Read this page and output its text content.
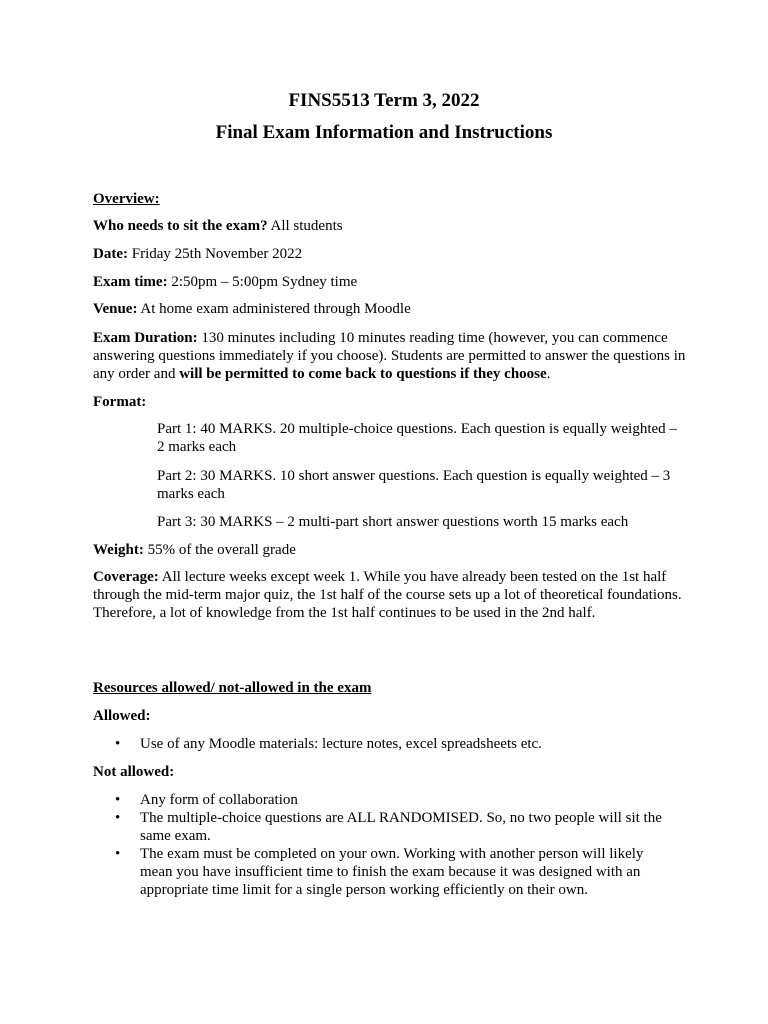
FINS5513 Term 3, 2022
Final Exam Information and Instructions
Overview:
Who needs to sit the exam? All students
Date: Friday 25th November 2022
Exam time: 2:50pm – 5:00pm Sydney time
Venue: At home exam administered through Moodle
Exam Duration: 130 minutes including 10 minutes reading time (however, you can commence answering questions immediately if you choose). Students are permitted to answer the questions in any order and will be permitted to come back to questions if they choose.
Format:
Part 1: 40 MARKS. 20 multiple-choice questions. Each question is equally weighted – 2 marks each
Part 2: 30 MARKS. 10 short answer questions. Each question is equally weighted – 3 marks each
Part 3: 30 MARKS – 2 multi-part short answer questions worth 15 marks each
Weight: 55% of the overall grade
Coverage: All lecture weeks except week 1. While you have already been tested on the 1st half through the mid-term major quiz, the 1st half of the course sets up a lot of theoretical foundations. Therefore, a lot of knowledge from the 1st half continues to be used in the 2nd half.
Resources allowed/ not-allowed in the exam
Allowed:
• Use of any Moodle materials: lecture notes, excel spreadsheets etc.
Not allowed:
• Any form of collaboration
• The multiple-choice questions are ALL RANDOMISED. So, no two people will sit the same exam.
• The exam must be completed on your own. Working with another person will likely mean you have insufficient time to finish the exam because it was designed with an appropriate time limit for a single person working efficiently on their own.
